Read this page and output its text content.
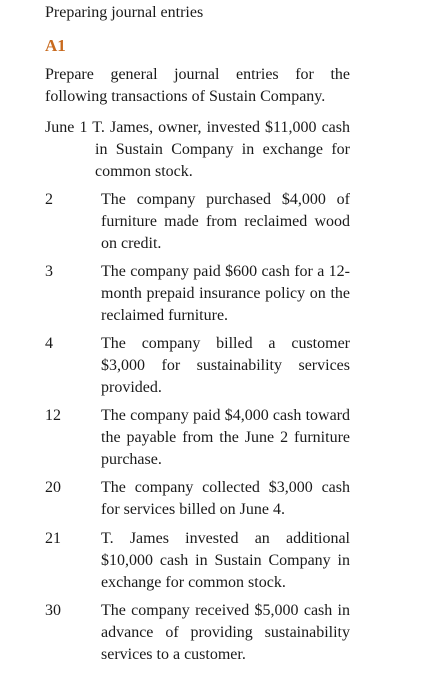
Preparing journal entries
A1
Prepare general journal entries for the following transactions of Sustain Company.
June 1 T. James, owner, invested $11,000 cash in Sustain Company in exchange for common stock.
2	The company purchased $4,000 of furniture made from reclaimed wood on credit.
3	The company paid $600 cash for a 12-month prepaid insurance policy on the reclaimed furniture.
4	The company billed a customer $3,000 for sustainability services provided.
12	The company paid $4,000 cash toward the payable from the June 2 furniture purchase.
20	The company collected $3,000 cash for services billed on June 4.
21	T. James invested an additional $10,000 cash in Sustain Company in exchange for common stock.
30	The company received $5,000 cash in advance of providing sustainability services to a customer.
